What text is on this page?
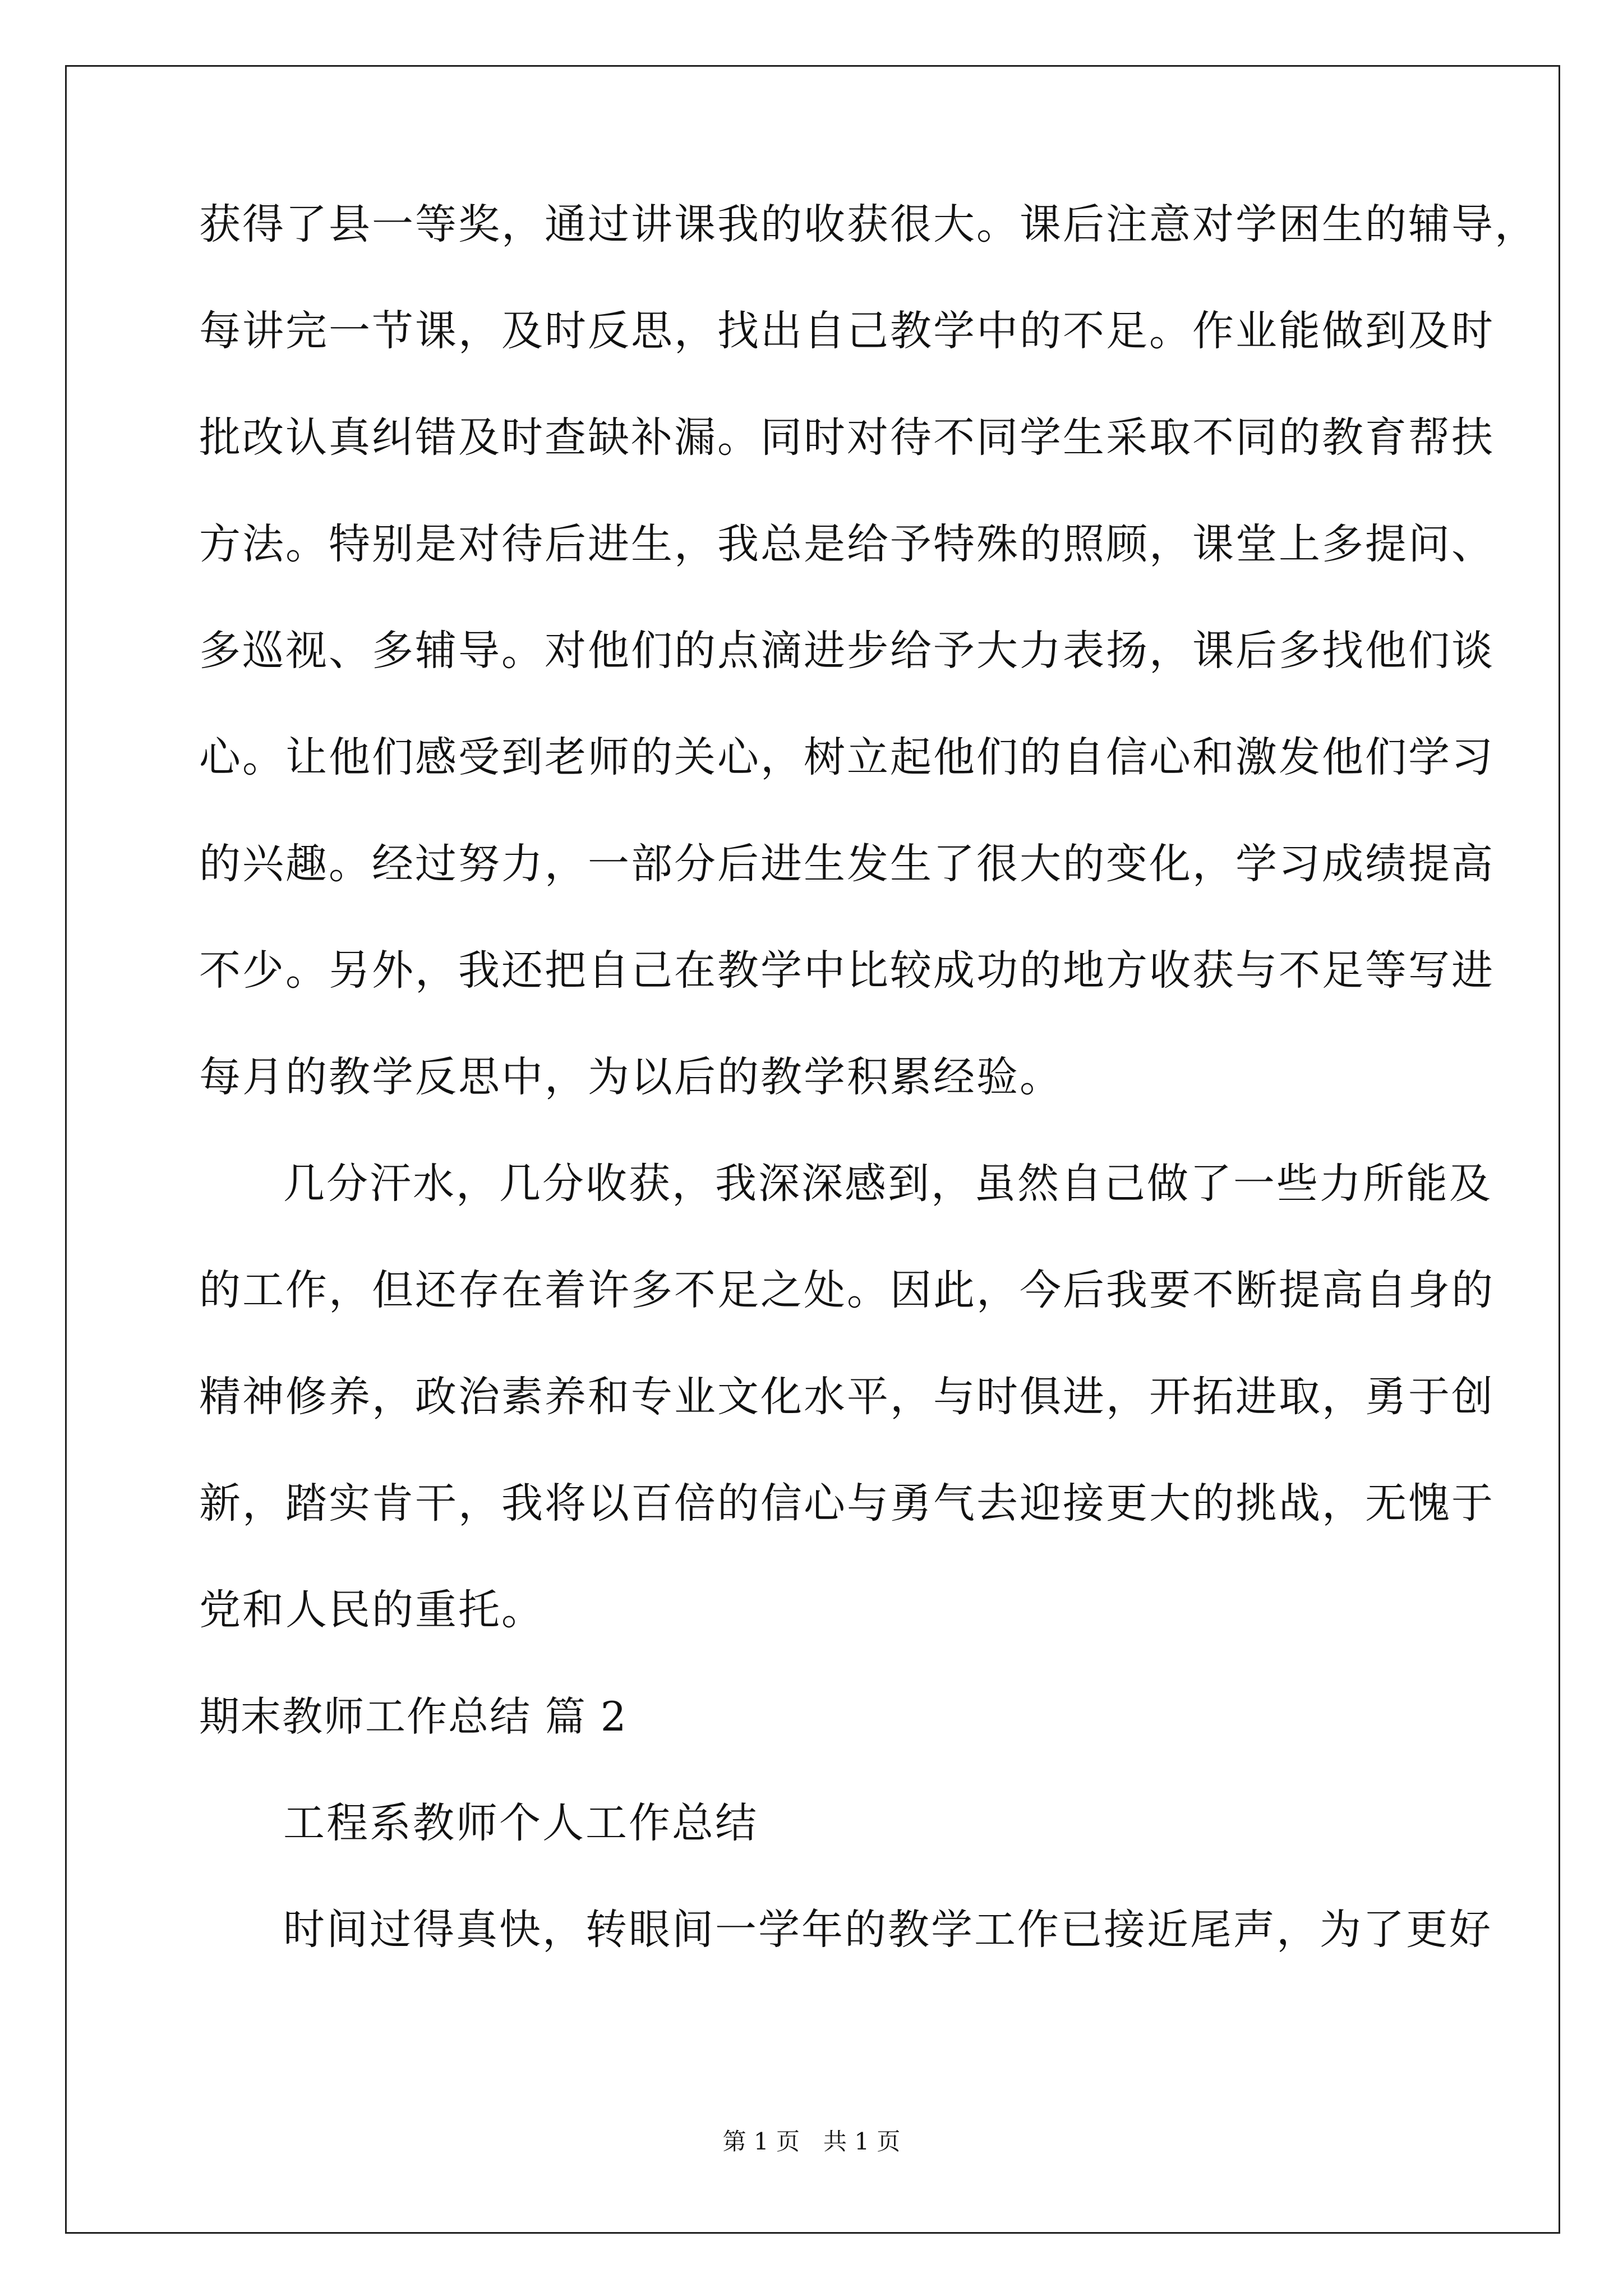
获得了县一等奖，通过讲课我的收获很大。课后注意对学困生的辅导，
每讲完一节课，及时反思，找出自己教学中的不足。作业能做到及时
批改认真纠错及时查缺补漏。同时对待不同学生采取不同的教育帮扶
方法。特别是对待后进生，我总是给予特殊的照顾，课堂上多提问、
多巡视、多辅导。对他们的点滴进步给予大力表扬，课后多找他们谈
心。让他们感受到老师的关心，树立起他们的自信心和激发他们学习
的兴趣。经过努力，一部分后进生发生了很大的变化，学习成绩提高
不少。另外，我还把自己在教学中比较成功的地方收获与不足等写进
每月的教学反思中，为以后的教学积累经验。
几分汗水，几分收获，我深深感到，虽然自己做了一些力所能及
的工作，但还存在着许多不足之处。因此，今后我要不断提高自身的
精神修养，政治素养和专业文化水平，与时俱进，开拓进取，勇于创
新，踏实肯干，我将以百倍的信心与勇气去迎接更大的挑战，无愧于
党和人民的重托。
期末教师工作总结 篇 2
工程系教师个人工作总结
时间过得真快，转眼间一学年的教学工作已接近尾声，为了更好
第 1 页　共 1 页
